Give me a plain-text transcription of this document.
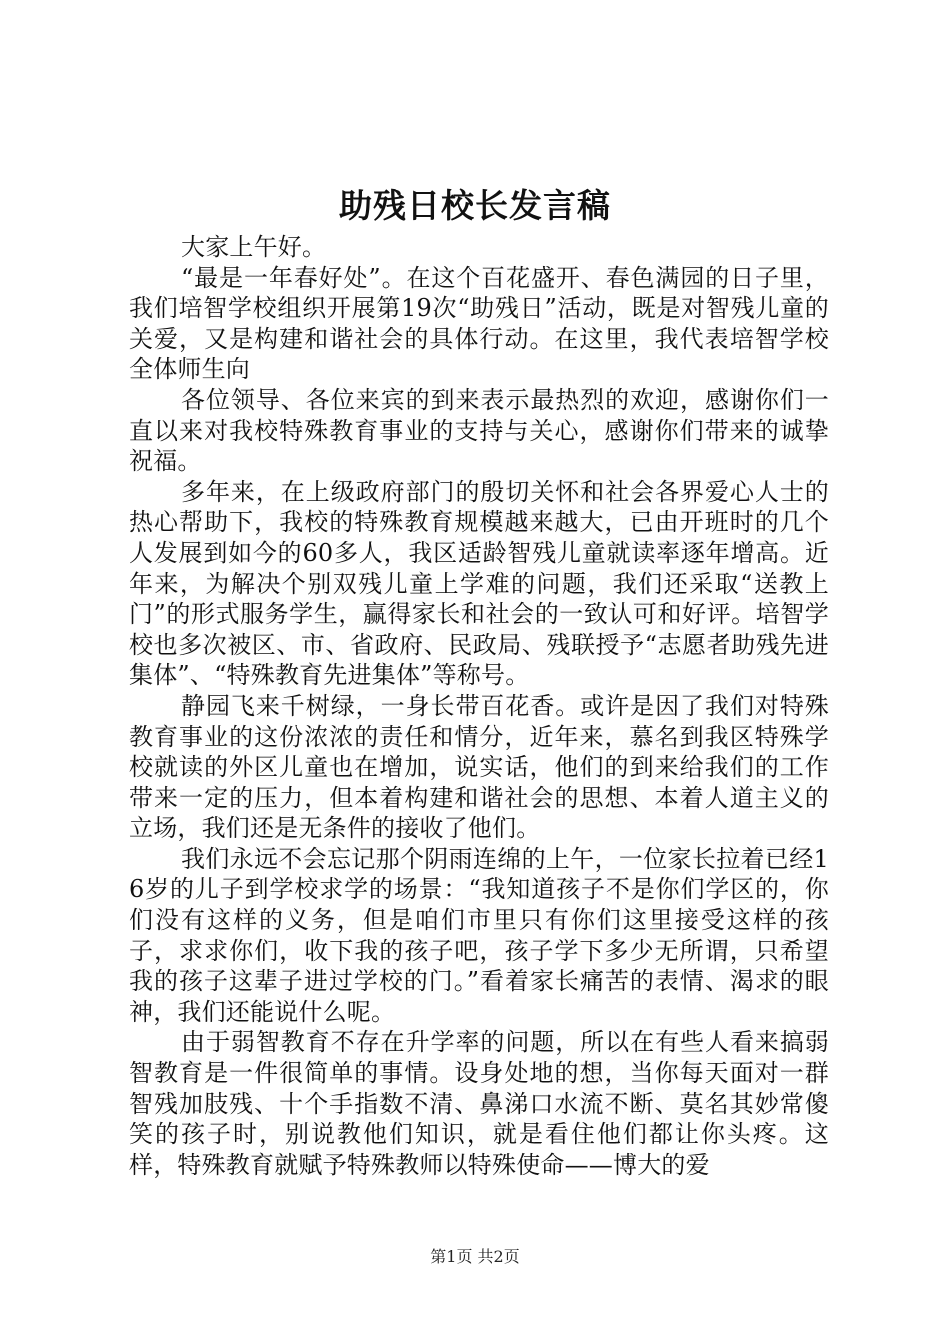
助残日校长发言稿

大家上午好。

“最是一年春好处”。在这个百花盛开、春色满园的日子里，我们培智学校组织开展第19次“助残日”活动，既是对智残儿童的关爱，又是构建和谐社会的具体行动。在这里，我代表培智学校全体师生向

各位领导、各位来宾的到来表示最热烈的欢迎，感谢你们一直以来对我校特殊教育事业的支持与关心，感谢你们带来的诚挚祝福。

多年来，在上级政府部门的殷切关怀和社会各界爱心人士的热心帮助下，我校的特殊教育规模越来越大，已由开班时的几个人发展到如今的60多人，我区适龄智残儿童就读率逐年增高。近年来，为解决个别双残儿童上学难的问题，我们还采取“送教上门”的形式服务学生，赢得家长和社会的一致认可和好评。培智学校也多次被区、市、省政府、民政局、残联授予“志愿者助残先进集体”、“特殊教育先进集体”等称号。

静园飞来千树绿，一身长带百花香。或许是因了我们对特殊教育事业的这份浓浓的责任和情分，近年来，慕名到我区特殊学校就读的外区儿童也在增加，说实话，他们的到来给我们的工作带来一定的压力，但本着构建和谐社会的思想、本着人道主义的立场，我们还是无条件的接收了他们。

我们永远不会忘记那个阴雨连绵的上午，一位家长拉着已经16岁的儿子到学校求学的场景：“我知道孩子不是你们学区的，你们没有这样的义务，但是咱们市里只有你们这里接受这样的孩子，求求你们，收下我的孩子吧，孩子学下多少无所谓，只希望我的孩子这辈子进过学校的门。”看着家长痛苦的表情、渴求的眼神，我们还能说什么呢。

由于弱智教育不存在升学率的问题，所以在有些人看来搞弱智教育是一件很简单的事情。设身处地的想，当你每天面对一群智残加肢残、十个手指数不清、鼻涕口水流不断、莫名其妙常傻笑的孩子时，别说教他们知识，就是看住他们都让你头疼。这样，特殊教育就赋予特殊教师以特殊使命——博大的爱

第1页 共2页
